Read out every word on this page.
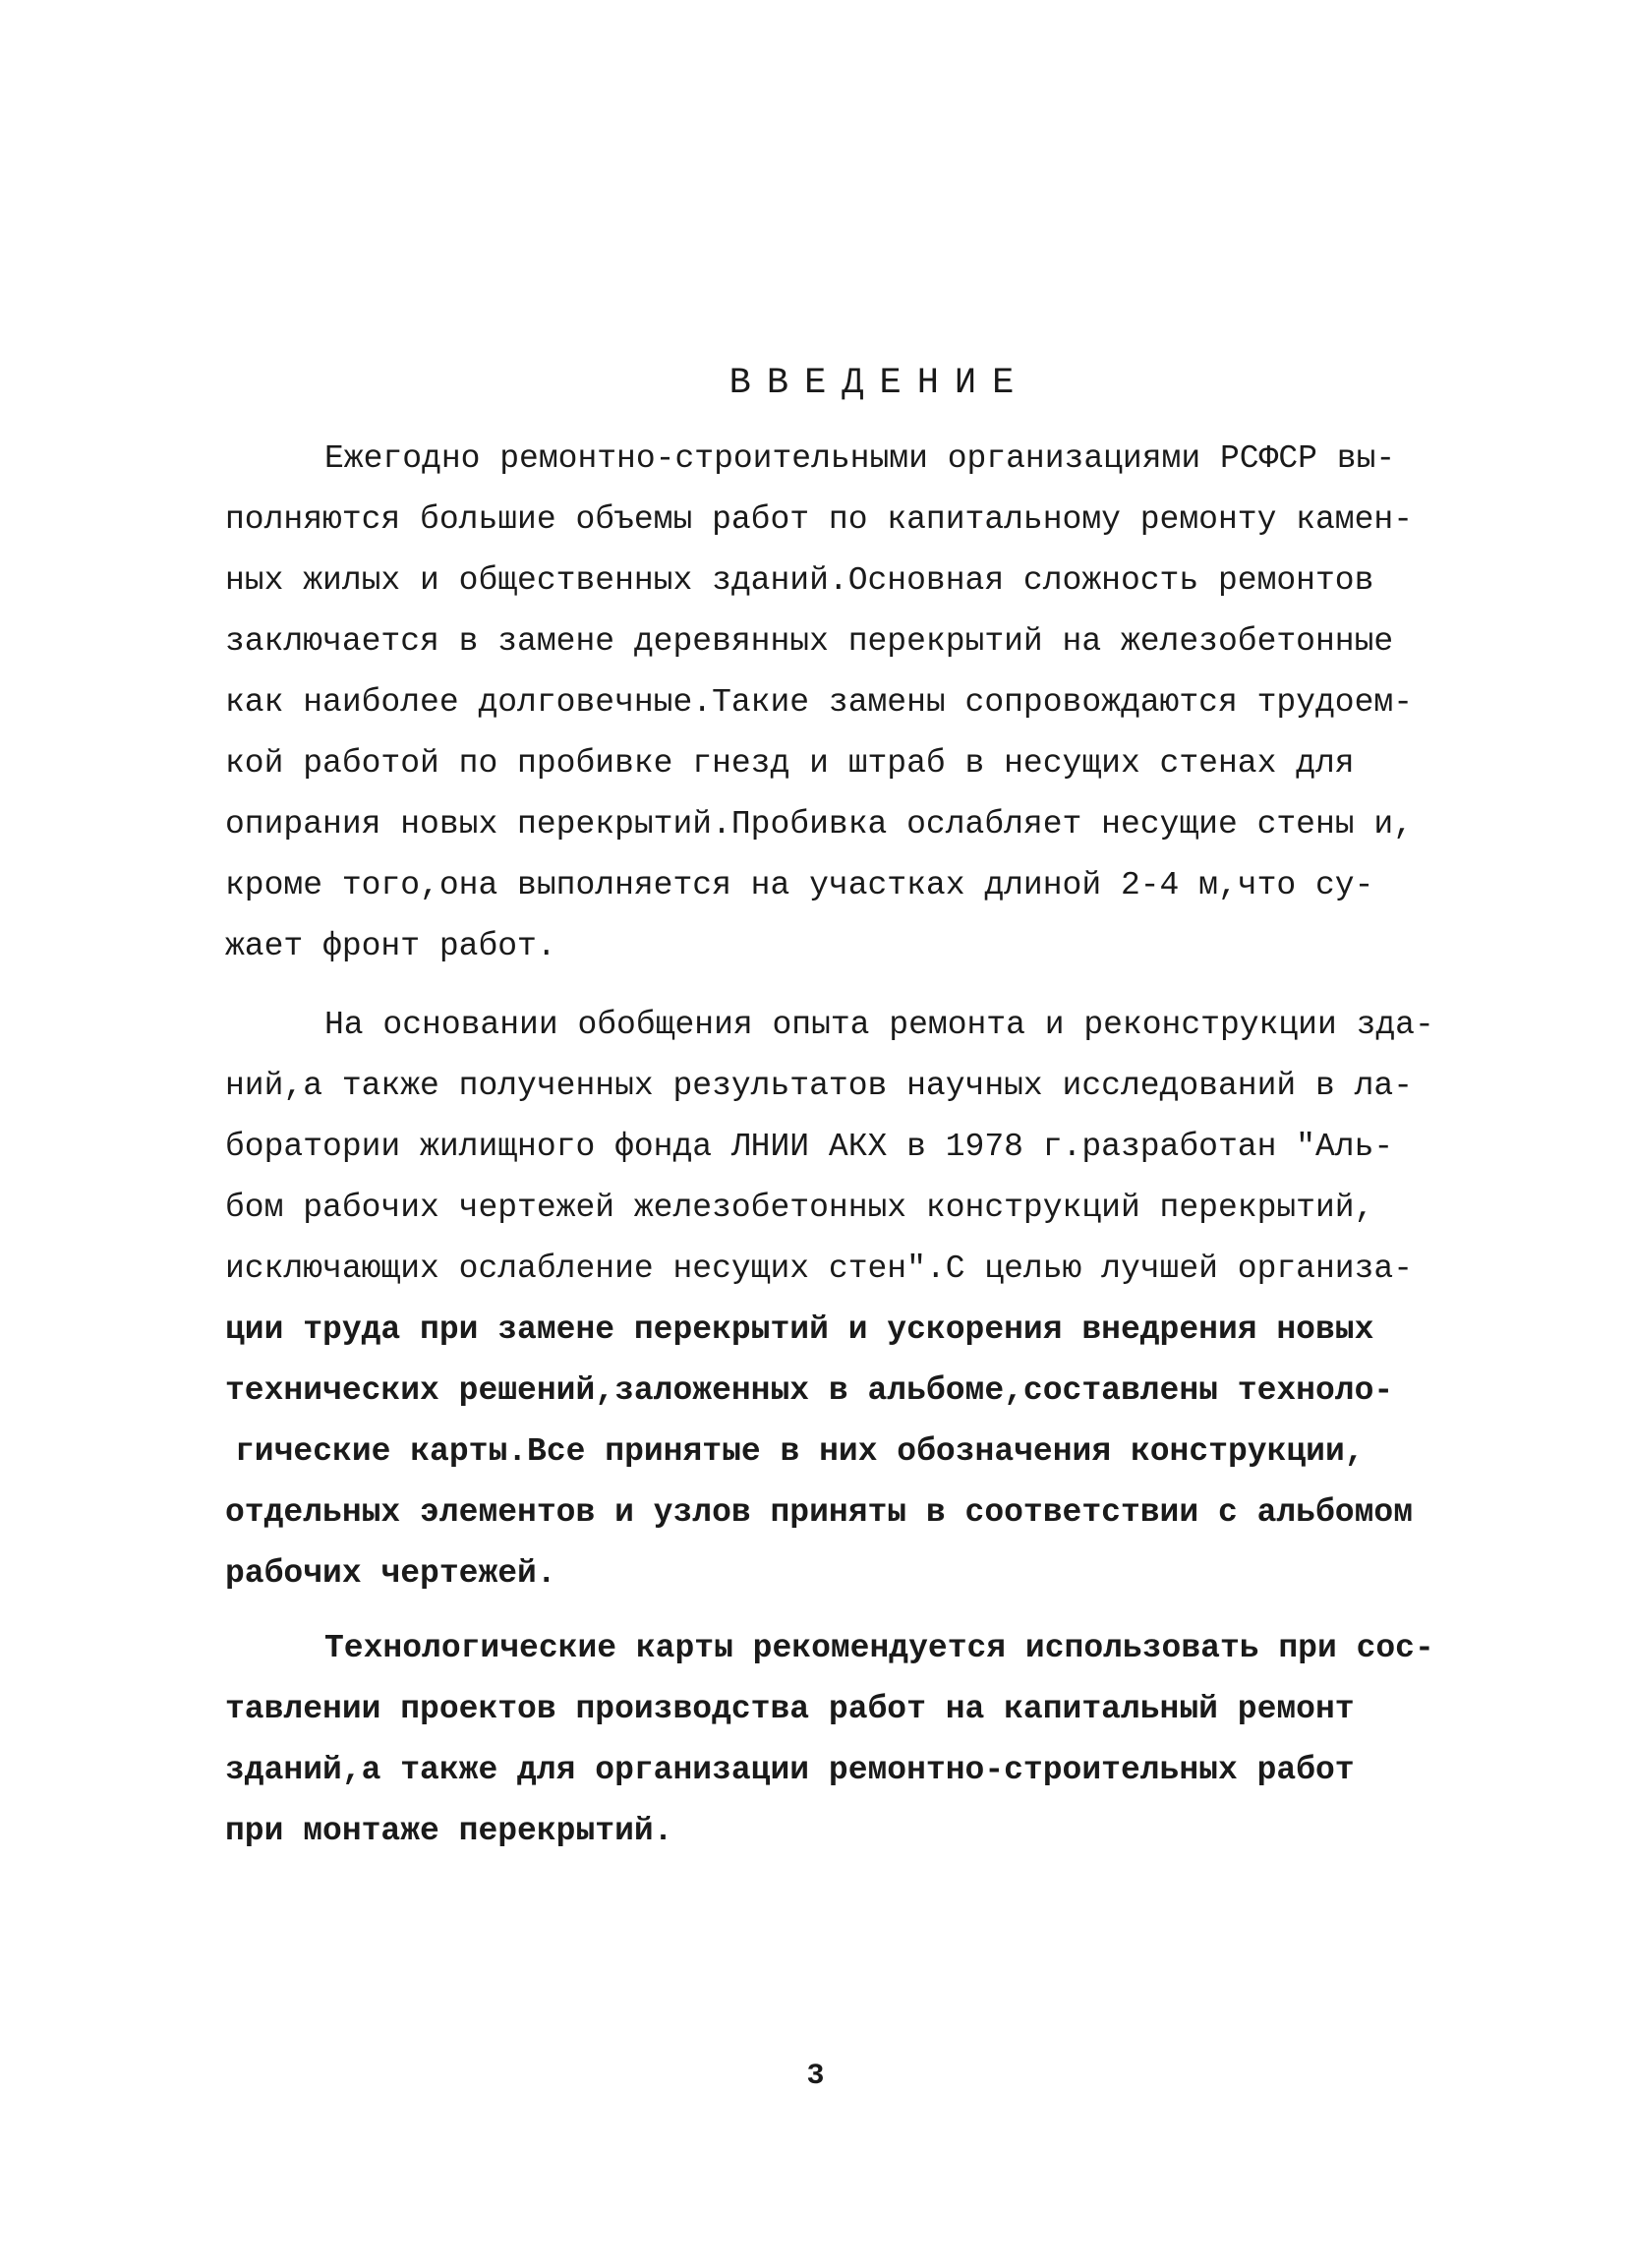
ВВЕДЕНИЕ
Ежегодно ремонтно-строительными организациями РСФСР вы-
полняются большие объемы работ по капитальному ремонту камен-
ных жилых и общественных зданий.Основная сложность ремонтов
заключается в замене деревянных перекрытий на железобетонные
как наиболее долговечные.Такие замены сопровождаются трудоем-
кой работой по пробивке гнезд и штраб в несущих стенах для
опирания новых перекрытий.Пробивка ослабляет несущие стены и,
кроме того,она выполняется на участках длиной 2-4 м,что су-
жает фронт работ.
На основании обобщения опыта ремонта и реконструкции зда-
ний,а также полученных результатов научных исследований в ла-
боратории жилищного фонда ЛНИИ АКХ в 1978 г.разработан "Аль-
бом рабочих чертежей железобетонных конструкций перекрытий,
исключающих ослабление несущих стен".С целью лучшей организа-
ции труда при замене перекрытий и ускорения внедрения новых
технических решений,заложенных в альбоме,составлены техноло-
гические карты.Все принятые в них обозначения конструкции,
отдельных элементов и узлов приняты в соответствии с альбомом
рабочих чертежей.
Технологические карты рекомендуется использовать при сос-
тавлении проектов производства работ на капитальный ремонт
зданий,а также для организации ремонтно-строительных работ
при монтаже перекрытий.
3
